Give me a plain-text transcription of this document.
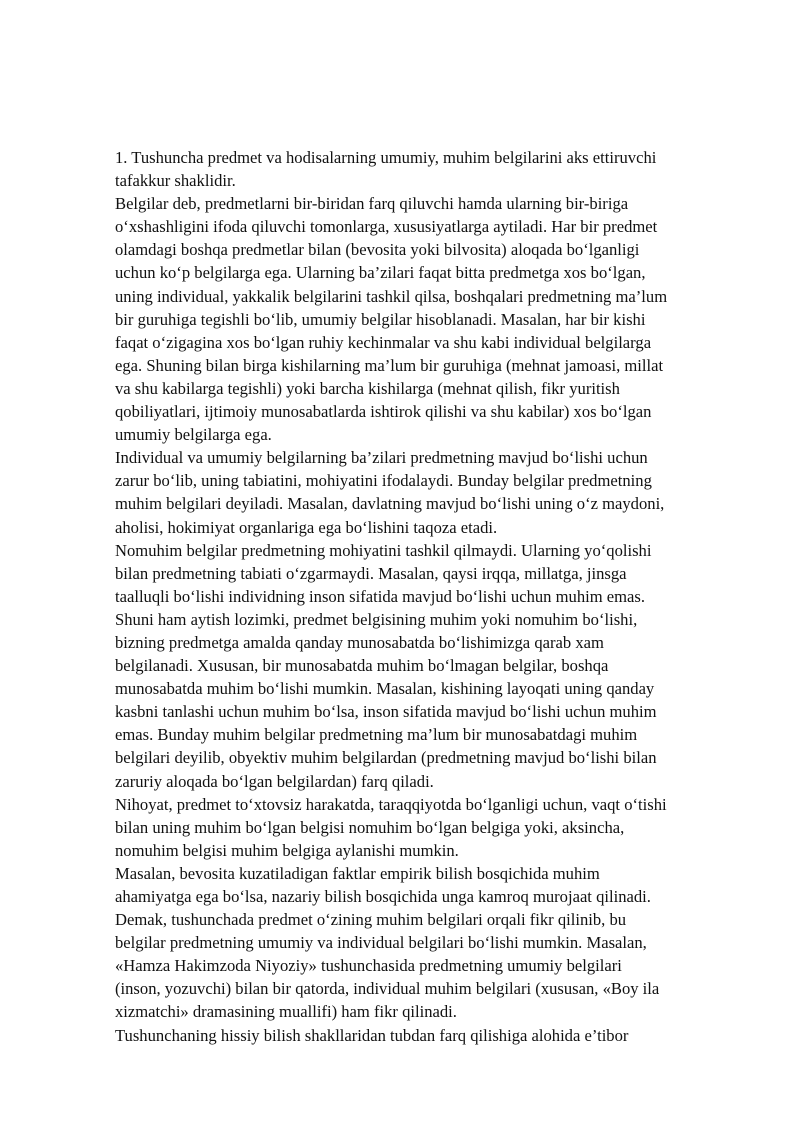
1. Tushuncha predmet va hodisalarning umumiy, muhim belgilarini aks ettiruvchi
tafakkur shaklidir.
Belgilar deb, predmetlarni bir-biridan farq qiluvchi hamda ularning bir-biriga
o‘xshashligini ifoda qiluvchi tomonlarga, xususiyatlarga aytiladi. Har bir predmet
olamdagi boshqa predmetlar bilan (bevosita yoki bilvosita) aloqada bo‘lganligi
uchun ko‘p belgilarga ega. Ularning ba’zilari faqat bitta predmetga xos bo‘lgan,
uning individual, yakkalik belgilarini tashkil qilsa, boshqalari predmetning ma’lum
bir guruhiga tegishli bo‘lib, umumiy belgilar hisoblanadi. Masalan, har bir kishi
faqat o‘zigagina xos bo‘lgan ruhiy kechinmalar va shu kabi individual belgilarga
ega. Shuning bilan birga kishilarning ma’lum bir guruhiga (mehnat jamoasi, millat
va shu kabilarga tegishli) yoki barcha kishilarga (mehnat qilish, fikr yuritish
qobiliyatlari, ijtimoiy munosabatlarda ishtirok qilishi va shu kabilar) xos bo‘lgan
umumiy belgilarga ega.
Individual va umumiy belgilarning ba’zilari predmetning mavjud bo‘lishi uchun
zarur bo‘lib, uning tabiatini, mohiyatini ifodalaydi. Bunday belgilar predmetning
muhim belgilari deyiladi. Masalan, davlatning mavjud bo‘lishi uning o‘z maydoni,
aholisi, hokimiyat organlariga ega bo‘lishini taqoza etadi.
Nomuhim belgilar predmetning mohiyatini tashkil qilmaydi. Ularning yo‘qolishi
bilan predmetning tabiati o‘zgarmaydi. Masalan, qaysi irqqa, millatga, jinsga
taalluqli bo‘lishi individning inson sifatida mavjud bo‘lishi uchun muhim emas.
Shuni ham aytish lozimki, predmet belgisining muhim yoki nomuhim bo‘lishi,
bizning predmetga amalda qanday munosabatda bo‘lishimizga qarab xam
belgilanadi. Xususan, bir munosabatda muhim bo‘lmagan belgilar, boshqa
munosabatda muhim bo‘lishi mumkin. Masalan, kishining layoqati uning qanday
kasbni tanlashi uchun muhim bo‘lsa, inson sifatida mavjud bo‘lishi uchun muhim
emas. Bunday muhim belgilar predmetning ma’lum bir munosabatdagi muhim
belgilari deyilib, obyektiv muhim belgilardan (predmetning mavjud bo‘lishi bilan
zaruriy aloqada bo‘lgan belgilardan) farq qiladi.
Nihoyat, predmet to‘xtovsiz harakatda, taraqqiyotda bo‘lganligi uchun, vaqt o‘tishi
bilan uning muhim bo‘lgan belgisi nomuhim bo‘lgan belgiga yoki, aksincha,
nomuhim belgisi muhim belgiga aylanishi mumkin.
Masalan, bevosita kuzatiladigan faktlar empirik bilish bosqichida muhim
ahamiyatga ega bo‘lsa, nazariy bilish bosqichida unga kamroq murojaat qilinadi.
Demak, tushunchada predmet o‘zining muhim belgilari orqali fikr qilinib, bu
belgilar predmetning umumiy va individual belgilari bo‘lishi mumkin. Masalan,
«Hamza Hakimzoda Niyoziy» tushunchasida predmetning umumiy belgilari
(inson, yozuvchi) bilan bir qatorda, individual muhim belgilari (xususan, «Boy ila
xizmatchi» dramasining muallifi) ham fikr qilinadi.
Tushunchaning hissiy bilish shakllaridan tubdan farq qilishiga alohida e’tibor
